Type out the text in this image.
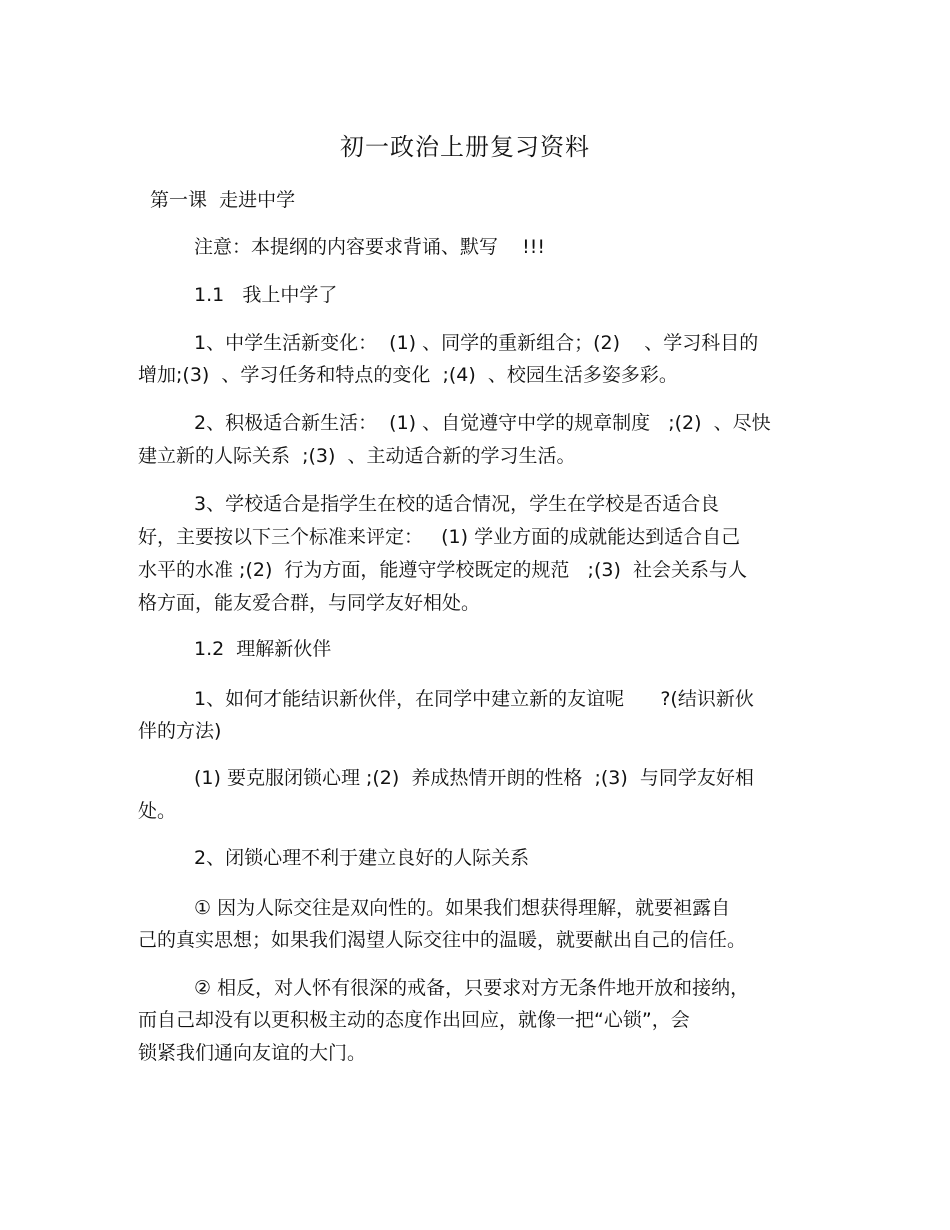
初一政治上册复习资料
第一课  走进中学
注意：本提纲的内容要求背诵、默写    !!!
1.1   我上中学了
1、中学生活新变化：  (1) 、同学的重新组合；(2)    、学习科目的
增加;(3)  、学习任务和特点的变化  ;(4)  、校园生活多姿多彩。
2、积极适合新生活：  (1) 、自觉遵守中学的规章制度   ;(2)  、尽快
建立新的人际关系  ;(3)  、主动适合新的学习生活。
3、学校适合是指学生在校的适合情况，学生在学校是否适合良
好，主要按以下三个标准来评定：   (1) 学业方面的成就能达到适合自己
水平的水准 ;(2)  行为方面，能遵守学校既定的规范   ;(3)  社会关系与人
格方面，能友爱合群，与同学友好相处。
1.2  理解新伙伴
1、如何才能结识新伙伴，在同学中建立新的友谊呢      ?(结识新伙
伴的方法)
(1) 要克服闭锁心理 ;(2)  养成热情开朗的性格  ;(3)  与同学友好相
处。
2、闭锁心理不利于建立良好的人际关系
① 因为人际交往是双向性的。如果我们想获得理解，就要袒露自
己的真实思想；如果我们渴望人际交往中的温暖，就要献出自己的信任。
② 相反，对人怀有很深的戒备，只要求对方无条件地开放和接纳，
而自己却没有以更积极主动的态度作出回应，就像一把“心锁”，会
锁紧我们通向友谊的大门。
